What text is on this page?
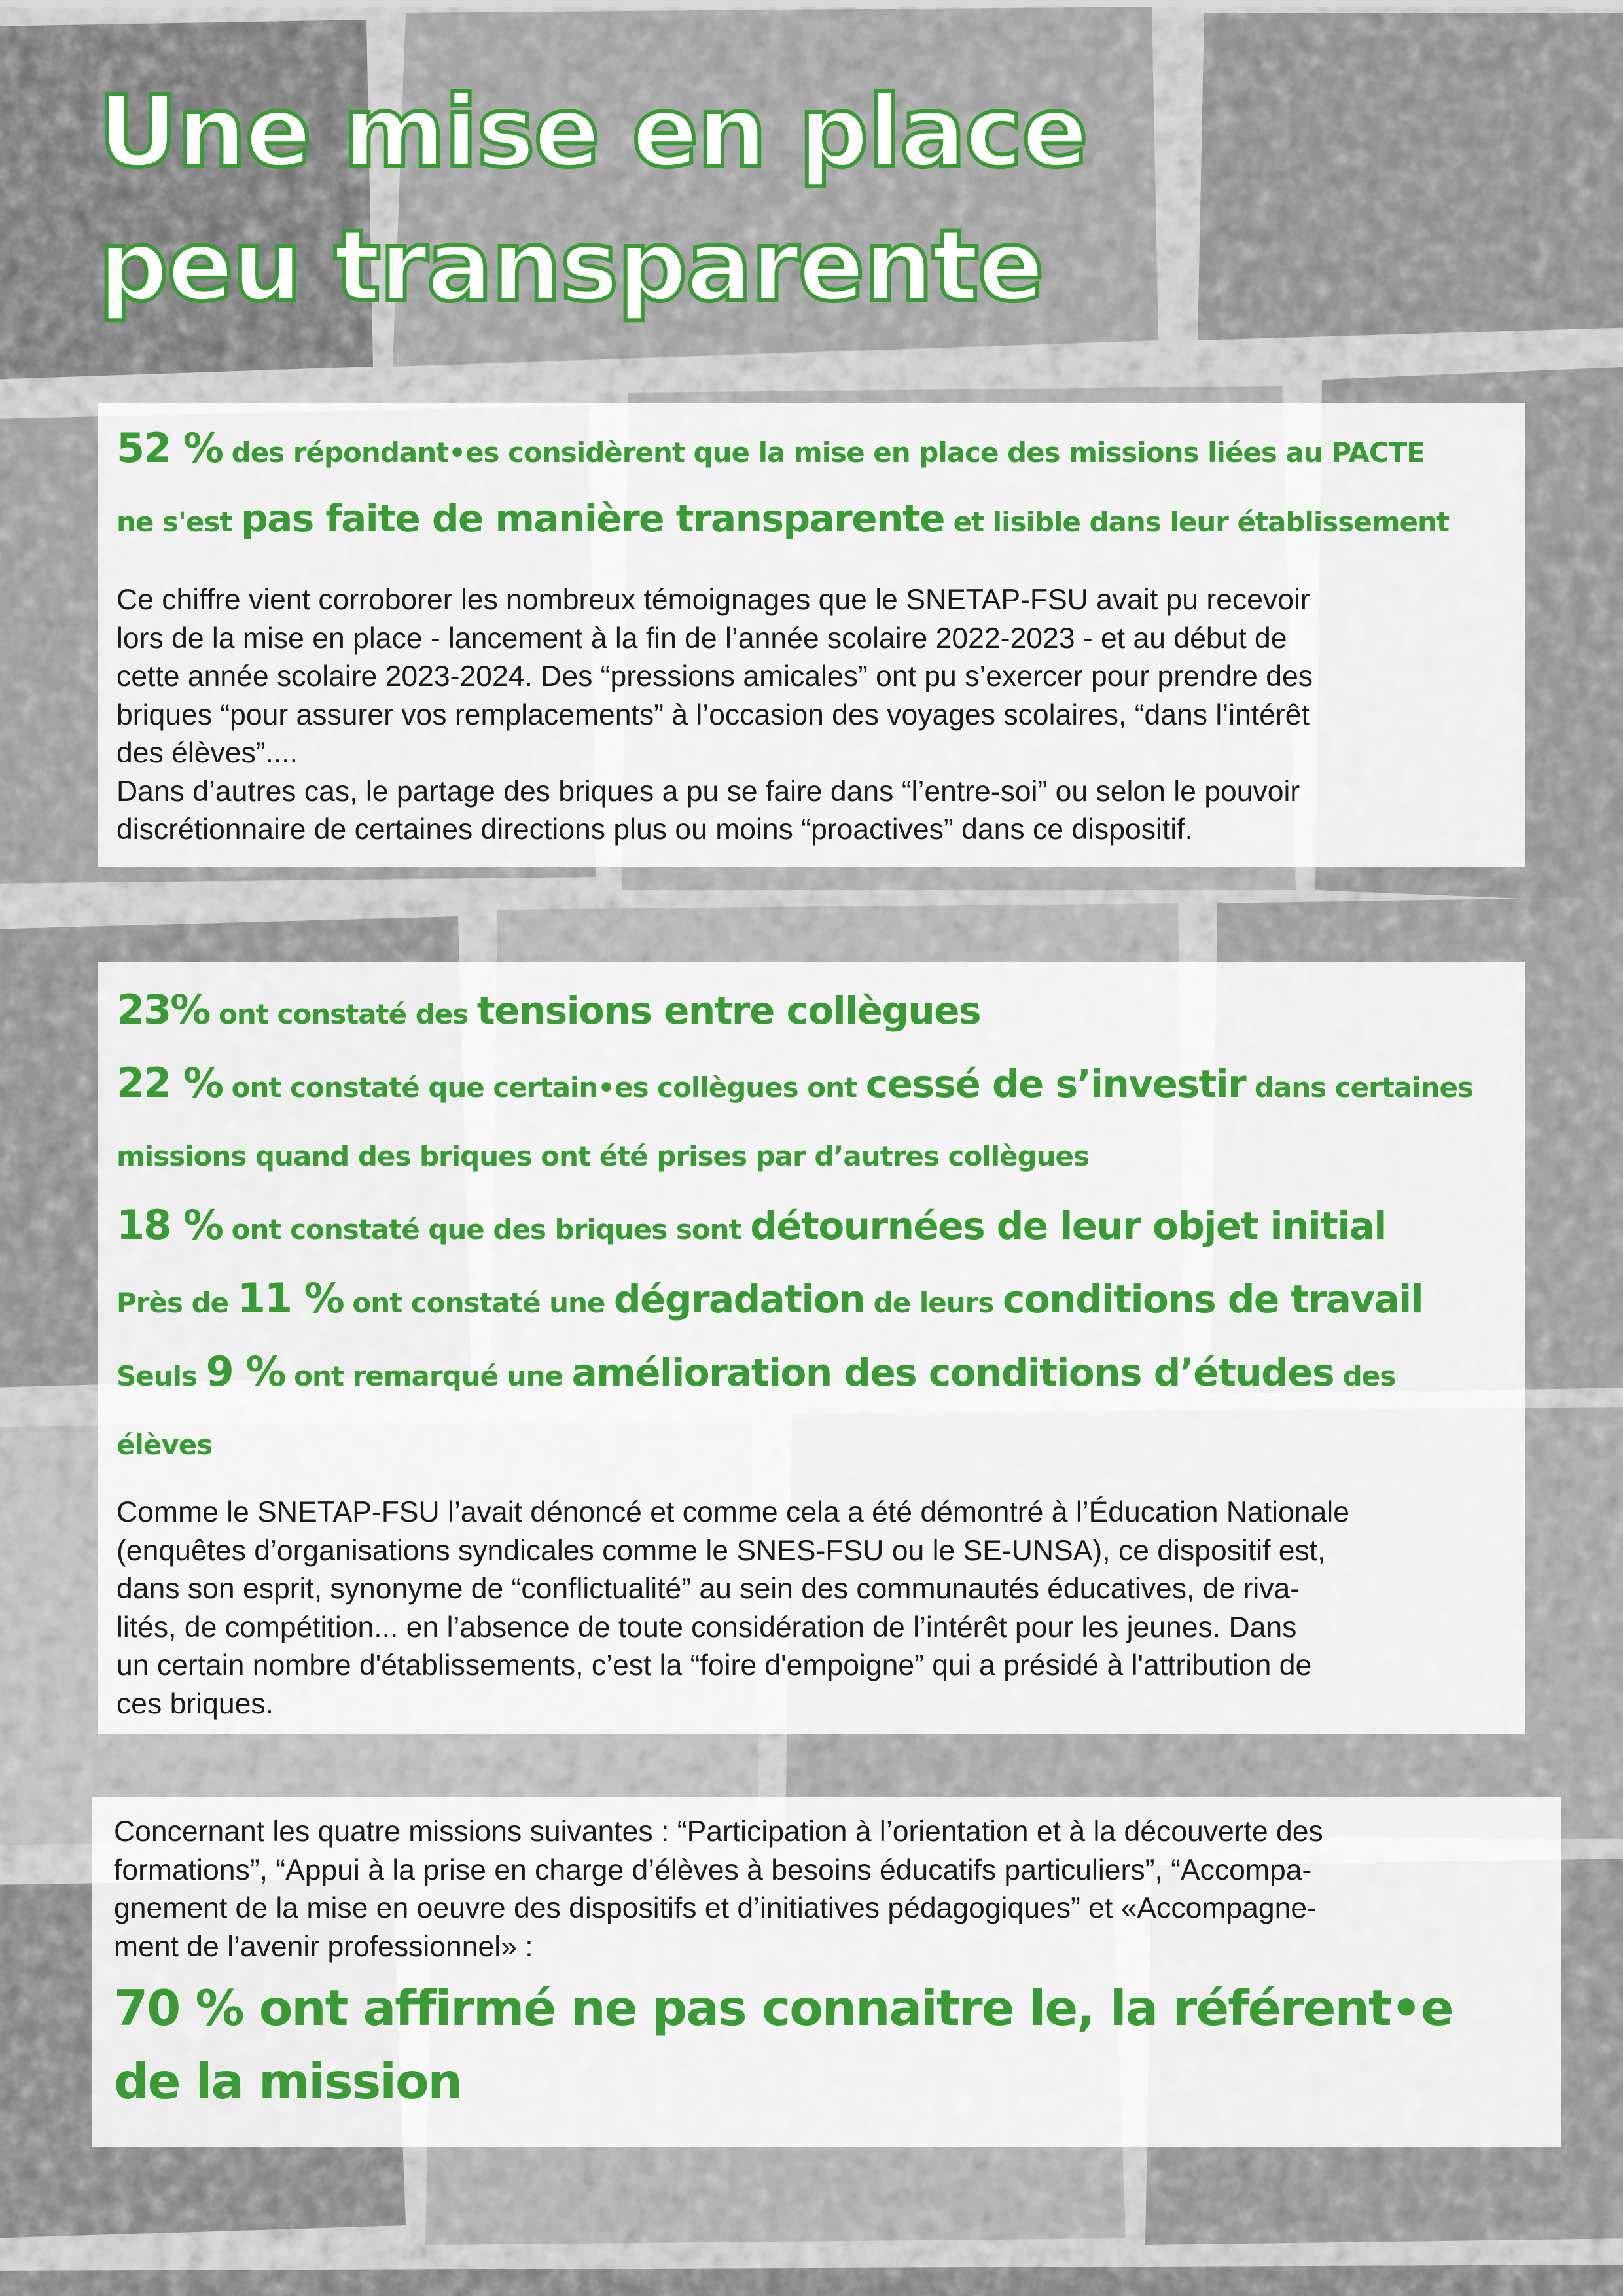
Une mise en place
peu transparente

52 % des répondant•es considèrent que la mise en place des missions liées au PACTE

ne s'est pas faite de manière transparente et lisible dans leur établissement

Ce chiffre vient corroborer les nombreux témoignages que le SNETAP-FSU avait pu recevoir
lors de la mise en place - lancement à la fin de l’année scolaire 2022-2023 - et au début de
cette année scolaire 2023-2024. Des “pressions amicales” ont pu s’exercer pour prendre des
briques “pour assurer vos remplacements” à l’occasion des voyages scolaires, “dans l’intérêt
des élèves”....
Dans d’autres cas, le partage des briques a pu se faire dans “l’entre-soi” ou selon le pouvoir
discrétionnaire de certaines directions plus ou moins “proactives” dans ce dispositif.

23% ont constaté des tensions entre collègues

22 % ont constaté que certain•es collègues ont cessé de s’investir dans certaines

missions quand des briques ont été prises par d’autres collègues

18 % ont constaté que des briques sont détournées de leur objet initial

Près de 11 % ont constaté une dégradation de leurs conditions de travail

Seuls 9 % ont remarqué une amélioration des conditions d’études des

élèves

Comme le SNETAP-FSU l’avait dénoncé et comme cela a été démontré à l’Éducation Nationale
(enquêtes d’organisations syndicales comme le SNES-FSU ou le SE-UNSA), ce dispositif est,
dans son esprit, synonyme de “conflictualité” au sein des communautés éducatives, de riva-
lités, de compétition... en l’absence de toute considération de l’intérêt pour les jeunes. Dans
un certain nombre d'établissements, c’est la “foire d'empoigne” qui a présidé à l'attribution de
ces briques.

Concernant les quatre missions suivantes : “Participation à l’orientation et à la découverte des
formations”, “Appui à la prise en charge d’élèves à besoins éducatifs particuliers”, “Accompa-
gnement de la mise en oeuvre des dispositifs et d’initiatives pédagogiques” et «Accompagne-
ment de l’avenir professionnel» :

70 % ont affirmé ne pas connaitre le, la référent•e
de la mission
